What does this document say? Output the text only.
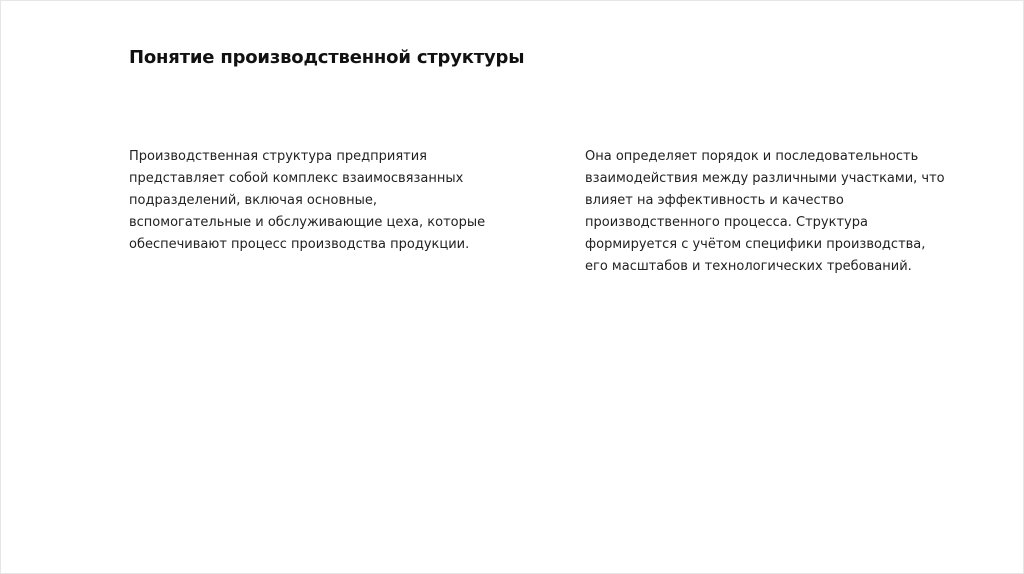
Понятие производственной структуры

Производственная структура предприятия представляет собой комплекс взаимосвязанных подразделений, включая основные, вспомогательные и обслуживающие цеха, которые обеспечивают процесс производства продукции.

Она определяет порядок и последовательность взаимодействия между различными участками, что влияет на эффективность и качество производственного процесса. Структура формируется с учётом специфики производства, его масштабов и технологических требований.
